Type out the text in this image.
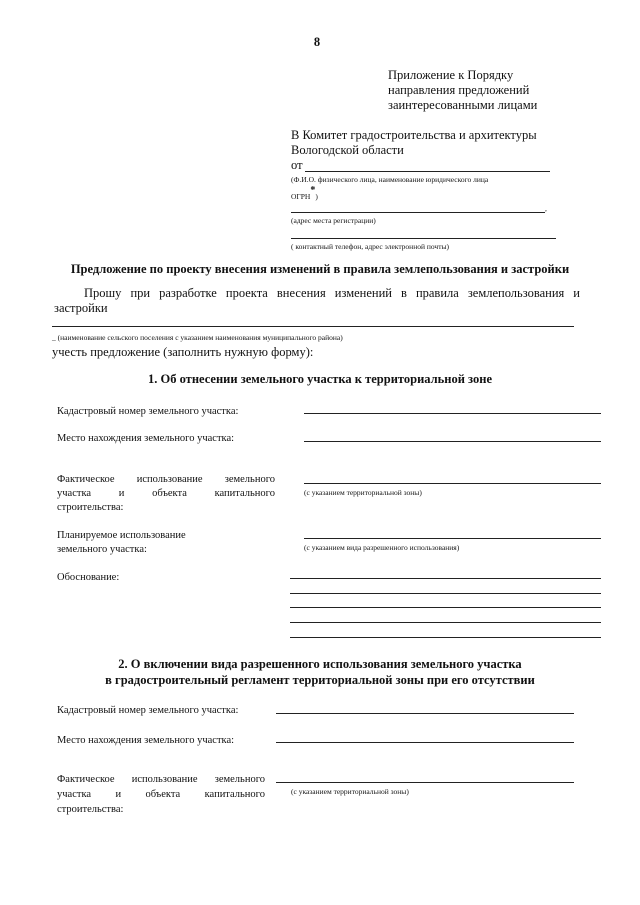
8
Приложение к Порядку
направления предложений
заинтересованными лицами
В Комитет градостроительства и архитектуры
Вологодской области
от
(Ф.И.О. физического лица, наименование юридического лица
ОГРН*)
,
(адрес места регистрации)
( контактный телефон, адрес электронной почты)
Предложение по проекту внесения изменений в правила землепользования и застройки
Прошу при разработке проекта внесения изменений в правила землепользования и
застройки
_ (наименование сельского поселения с указанием наименования муниципального района)
учесть предложение (заполнить нужную форму):
1. Об отнесении земельного участка к территориальной зоне
Кадастровый номер земельного участка:
Место нахождения земельного участка:
Фактическое использование земельного
участка	и	объекта	капитального
строительства:
(с указанием территориальной зоны)
Планируемое использование
земельного участка:	(с указанием вида разрешенного использования)
Обоснование:
2. О включении вида разрешенного использования земельного участка
в градостроительный регламент территориальной зоны при его отсутствии
Кадастровый номер земельного участка:
Место нахождения земельного участка:
Фактическое использование земельного
участка и объекта капитального
строительства:
(с указанием территориальной зоны)
